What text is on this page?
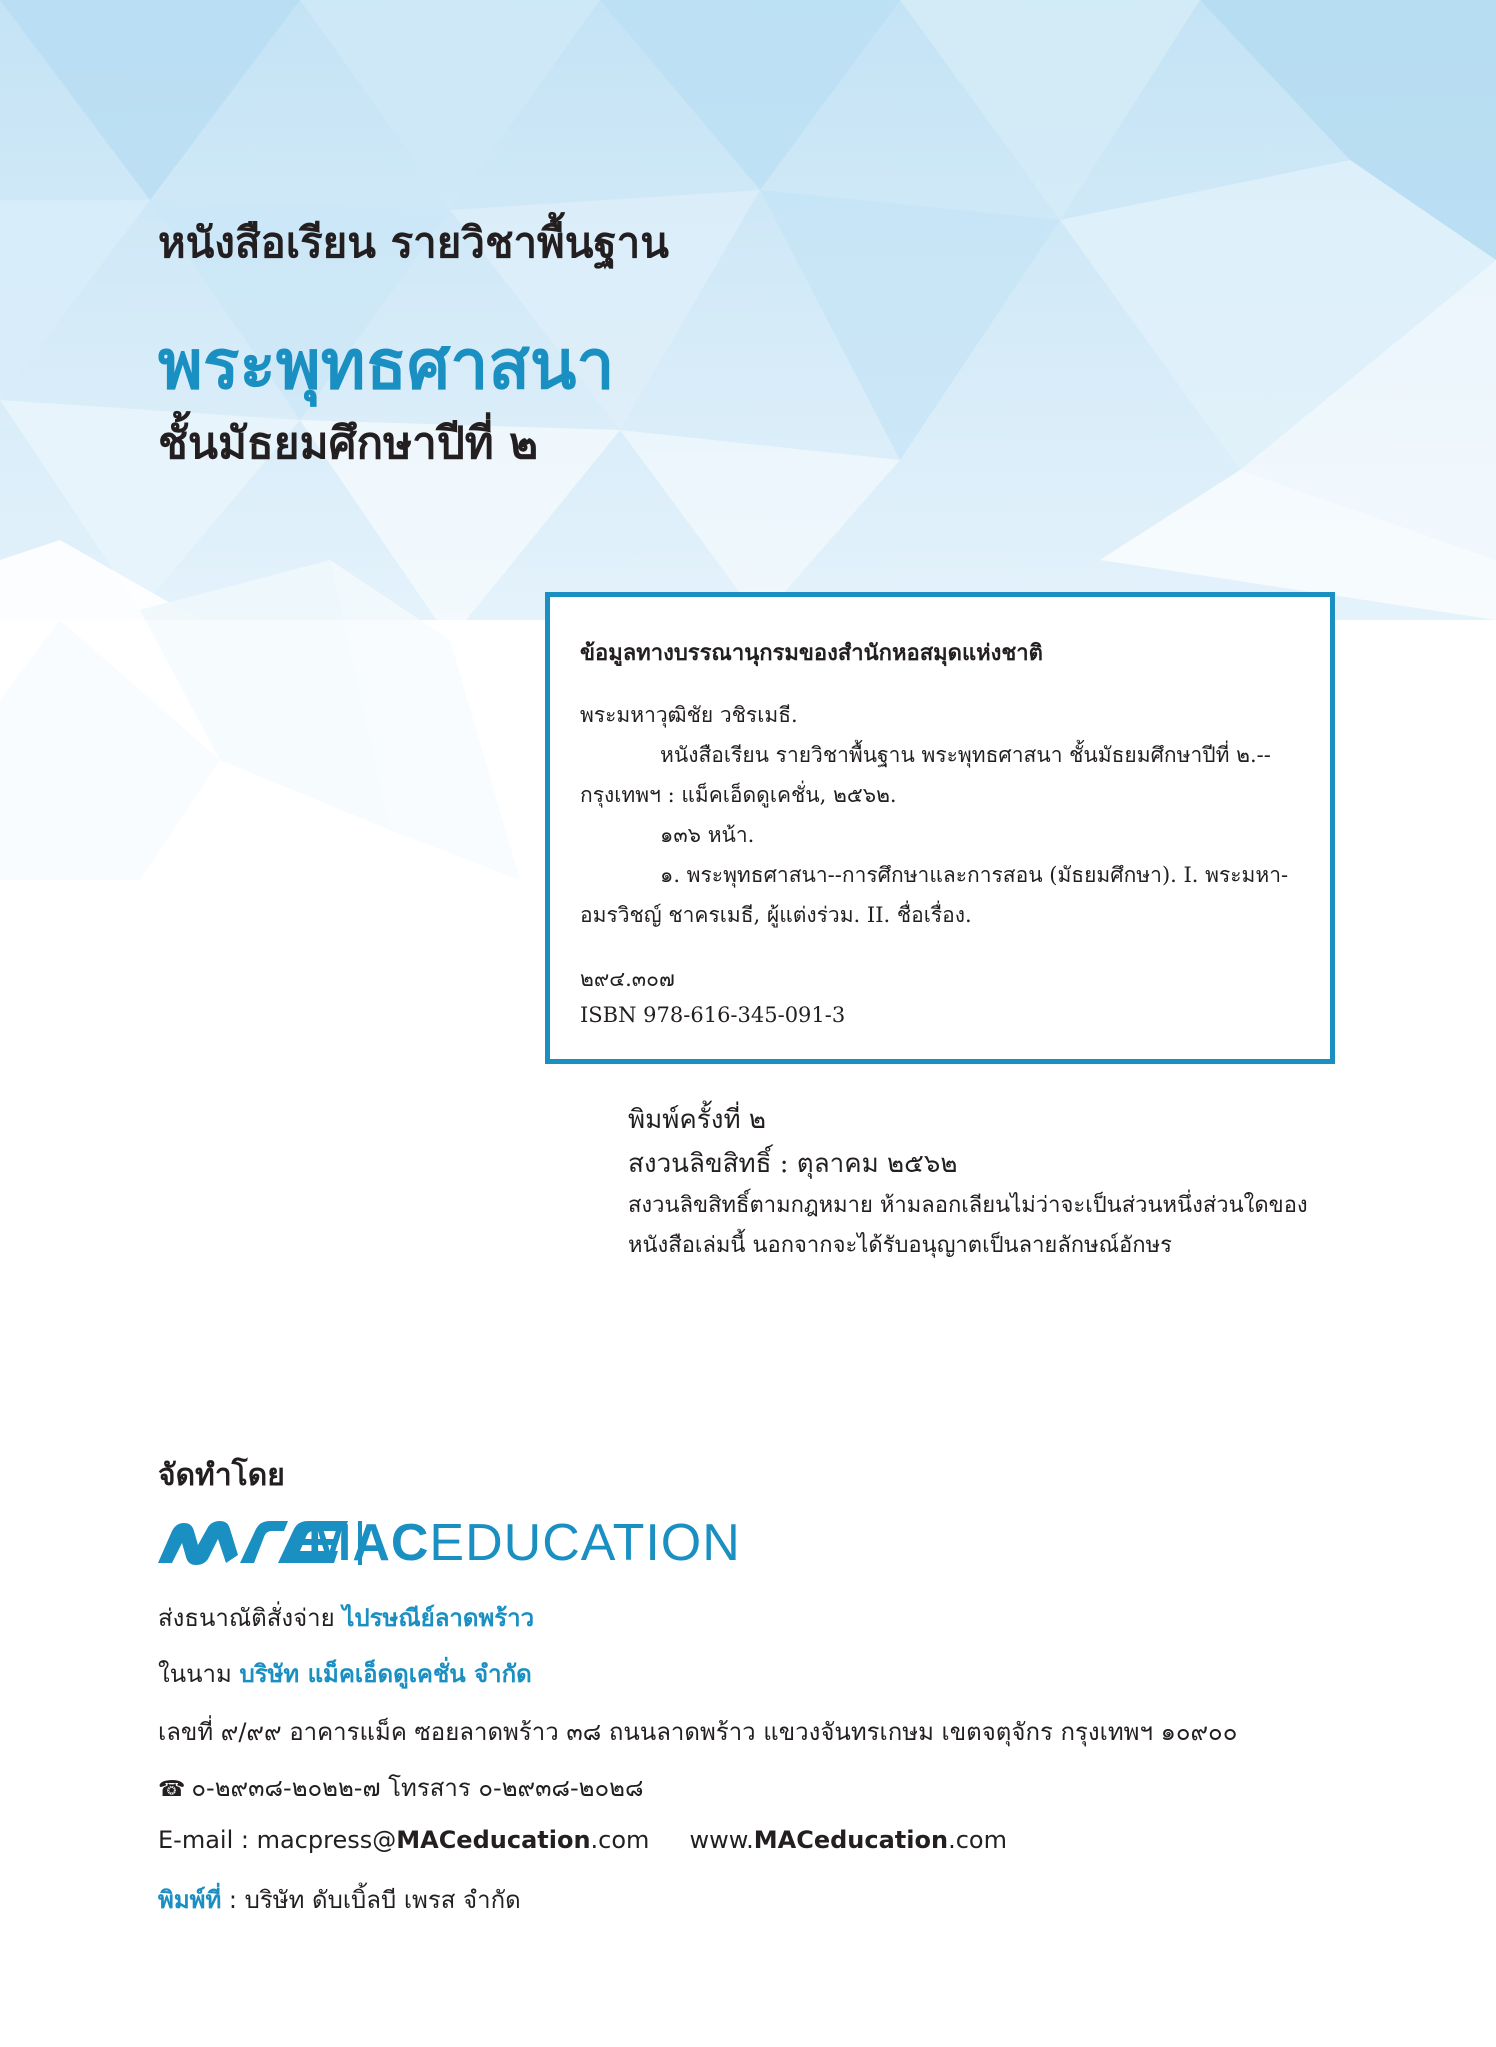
หนังสือเรียน รายวิชาพื้นฐาน
พระพุทธศาสนา
ชั้นมัธยมศึกษาปีที่ ๒
ข้อมูลทางบรรณานุกรมของสำนักหอสมุดแห่งชาติ
พระมหาวุฒิชัย วชิรเมธี.
หนังสือเรียน รายวิชาพื้นฐาน พระพุทธศาสนา ชั้นมัธยมศึกษาปีที่ ๒.--
กรุงเทพฯ : แม็คเอ็ดดูเคชั่น, ๒๕๖๒.
๑๓๖ หน้า.
๑. พระพุทธศาสนา--การศึกษาและการสอน (มัธยมศึกษา). I. พระมหา-
อมรวิชญ์ ชาครเมธี, ผู้แต่งร่วม. II. ชื่อเรื่อง.
๒๙๔.๓๐๗
ISBN 978-616-345-091-3
พิมพ์ครั้งที่ ๒
สงวนลิขสิทธิ์ : ตุลาคม ๒๕๖๒
สงวนลิขสิทธิ์ตามกฎหมาย ห้ามลอกเลียนไม่ว่าจะเป็นส่วนหนึ่งส่วนใดของ
หนังสือเล่มนี้ นอกจากจะได้รับอนุญาตเป็นลายลักษณ์อักษร
จัดทำโดย
MACEDUCATION
ส่งธนาณัติสั่งจ่าย ไปรษณีย์ลาดพร้าว
ในนาม บริษัท แม็คเอ็ดดูเคชั่น จำกัด
เลขที่ ๙/๙๙ อาคารแม็ค ซอยลาดพร้าว ๓๘ ถนนลาดพร้าว แขวงจันทรเกษม เขตจตุจักร กรุงเทพฯ ๑๐๙๐๐
☎ ๐-๒๙๓๘-๒๐๒๒-๗ โทรสาร ๐-๒๙๓๘-๒๐๒๘
E-mail : macpress@MACeducation.com www.MACeducation.com
พิมพ์ที่ : บริษัท ดับเบิ้ลบี เพรส จำกัด
